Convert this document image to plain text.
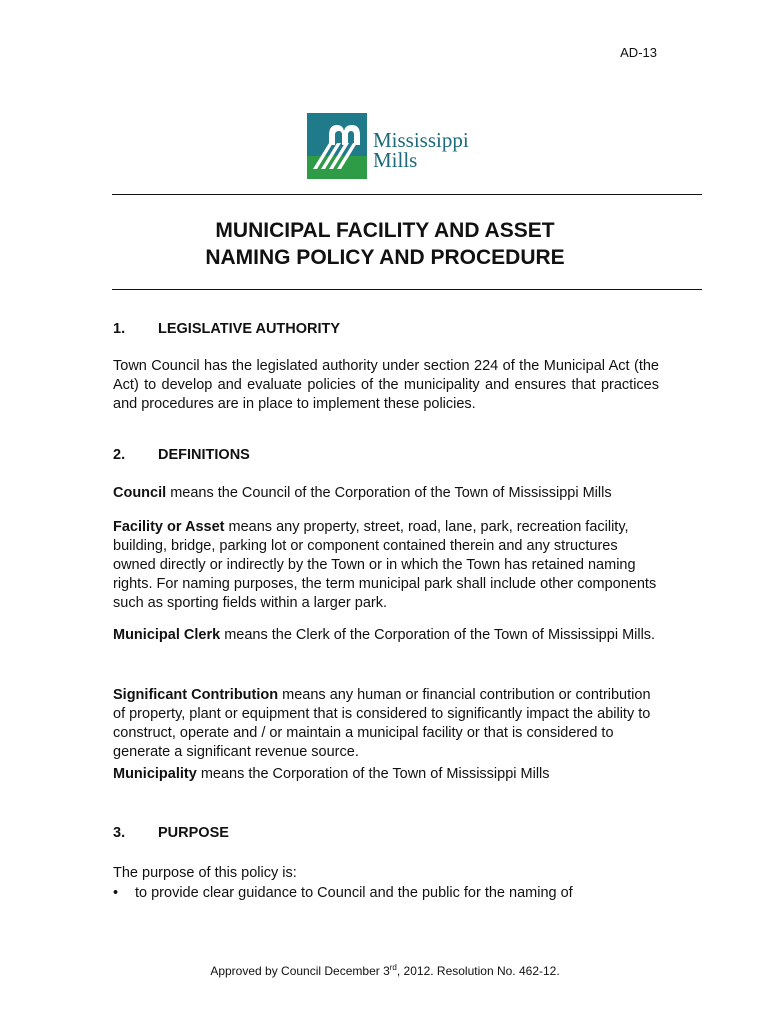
AD-13
Mississippi
Mills
MUNICIPAL FACILITY AND ASSET
NAMING POLICY AND PROCEDURE
1. LEGISLATIVE AUTHORITY
Town Council has the legislated authority under section 224 of the Municipal Act (the Act) to develop and evaluate policies of the municipality and ensures that practices and procedures are in place to implement these policies.
2. DEFINITIONS
Council means the Council of the Corporation of the Town of Mississippi Mills
Facility or Asset means any property, street, road, lane, park, recreation facility, building, bridge, parking lot or component contained therein and any structures owned directly or indirectly by the Town or in which the Town has retained naming rights. For naming purposes, the term municipal park shall include other components such as sporting fields within a larger park.
Municipal Clerk means the Clerk of the Corporation of the Town of Mississippi Mills.
Significant Contribution means any human or financial contribution or contribution of property, plant or equipment that is considered to significantly impact the ability to construct, operate and / or maintain a municipal facility or that is considered to generate a significant revenue source.
Municipality means the Corporation of the Town of Mississippi Mills
3. PURPOSE
The purpose of this policy is:
• to provide clear guidance to Council and the public for the naming of
Approved by Council December 3rd, 2012. Resolution No. 462-12.
